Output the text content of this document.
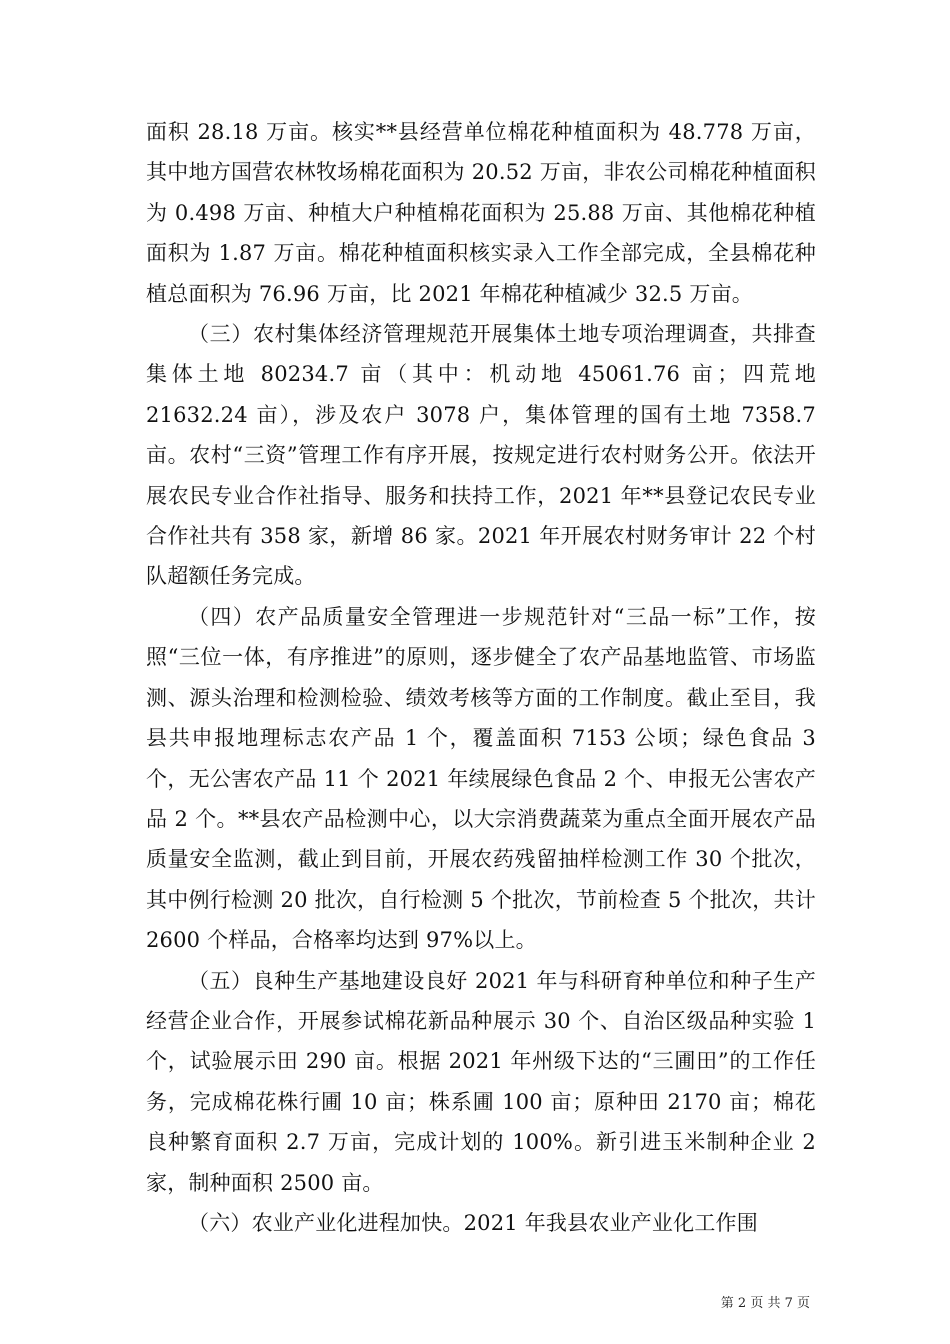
面积 28.18 万亩。核实**县经营单位棉花种植面积为 48.778 万亩，其中地方国营农林牧场棉花面积为 20.52 万亩，非农公司棉花种植面积为 0.498 万亩、种植大户种植棉花面积为 25.88 万亩、其他棉花种植面积为 1.87 万亩。棉花种植面积核实录入工作全部完成，全县棉花种植总面积为 76.96 万亩，比 2021 年棉花种植减少 32.5 万亩。

（三）农村集体经济管理规范开展集体土地专项治理调查，共排查集体土地 80234.7 亩（其中：机动地 45061.76 亩；四荒地 21632.24 亩），涉及农户 3078 户，集体管理的国有土地 7358.7 亩。农村“三资”管理工作有序开展，按规定进行农村财务公开。依法开展农民专业合作社指导、服务和扶持工作，2021 年**县登记农民专业合作社共有 358 家，新增 86 家。2021 年开展农村财务审计 22 个村队超额任务完成。

（四）农产品质量安全管理进一步规范针对“三品一标”工作，按照“三位一体，有序推进”的原则，逐步健全了农产品基地监管、市场监测、源头治理和检测检验、绩效考核等方面的工作制度。截止至目，我县共申报地理标志农产品 1 个，覆盖面积 7153 公顷；绿色食品 3 个，无公害农产品 11 个 2021 年续展绿色食品 2 个、申报无公害农产品 2 个。**县农产品检测中心，以大宗消费蔬菜为重点全面开展农产品质量安全监测，截止到目前，开展农药残留抽样检测工作 30 个批次，其中例行检测 20 批次，自行检测 5 个批次，节前检查 5 个批次，共计 2600 个样品，合格率均达到 97%以上。

（五）良种生产基地建设良好 2021 年与科研育种单位和种子生产经营企业合作，开展参试棉花新品种展示 30 个、自治区级品种实验 1 个，试验展示田 290 亩。根据 2021 年州级下达的“三圃田”的工作任务，完成棉花株行圃 10 亩；株系圃 100 亩；原种田 2170 亩；棉花良种繁育面积 2.7 万亩，完成计划的 100%。新引进玉米制种企业 2 家，制种面积 2500 亩。

（六）农业产业化进程加快。2021 年我县农业产业化工作围

第 2 页 共 7 页
